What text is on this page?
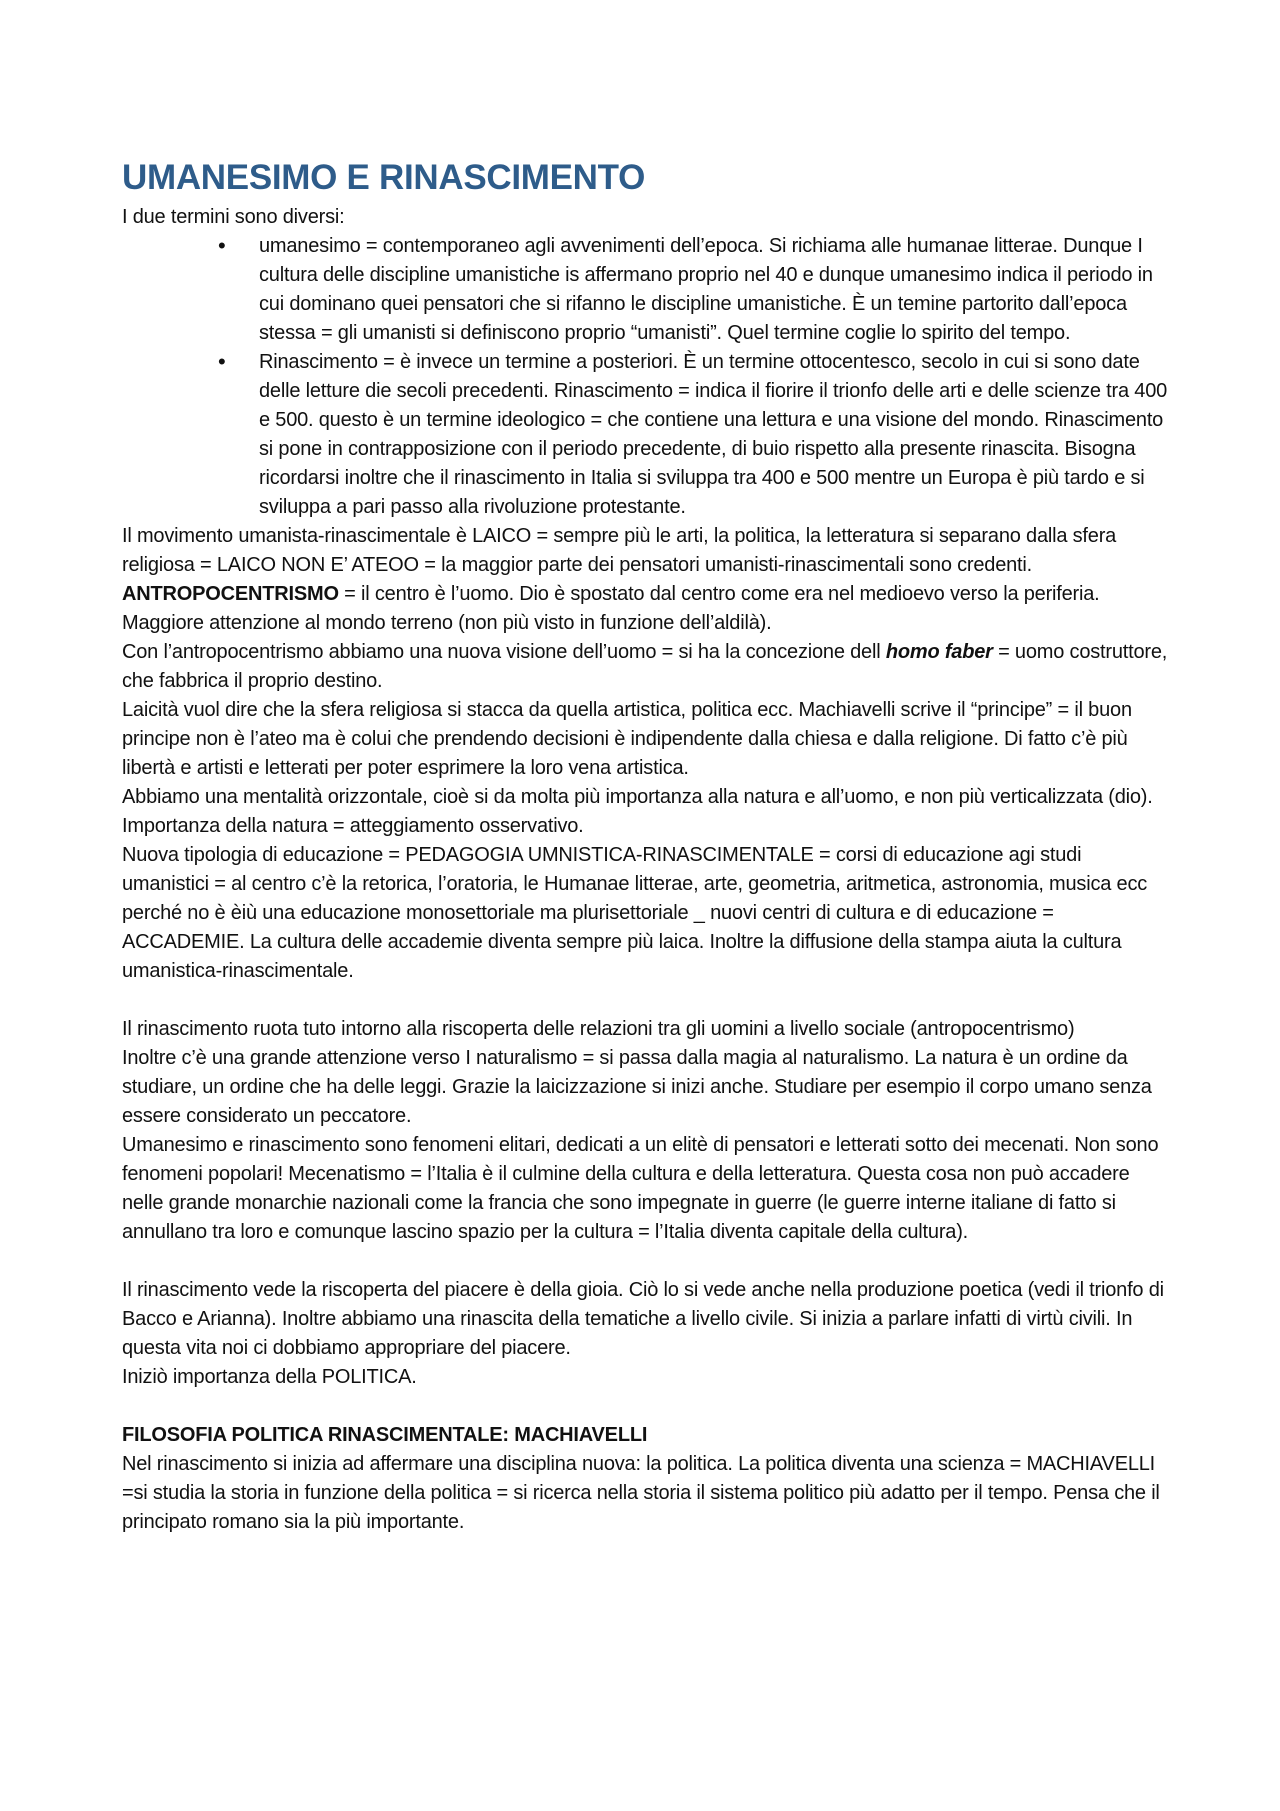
UMANESIMO E RINASCIMENTO

I due termini sono diversi:

• umanesimo = contemporaneo agli avvenimenti dell’epoca. Si richiama alle humanae litterae. Dunque I cultura delle discipline umanistiche is affermano proprio nel 40 e dunque umanesimo indica il periodo in cui dominano quei pensatori che si rifanno le discipline umanistiche. È un temine partorito dall’epoca stessa = gli umanisti si definiscono proprio “umanisti”. Quel termine coglie lo spirito del tempo.
• Rinascimento = è invece un termine a posteriori. È un termine ottocentesco, secolo in cui si sono date delle letture die secoli precedenti. Rinascimento = indica il fiorire il trionfo delle arti e delle scienze tra 400 e 500. questo è un termine ideologico = che contiene una lettura e una visione del mondo. Rinascimento si pone in contrapposizione con il periodo precedente, di buio rispetto alla presente rinascita. Bisogna ricordarsi inoltre che il rinascimento in Italia si sviluppa tra 400 e 500 mentre un Europa è più tardo e si sviluppa a pari passo alla rivoluzione protestante.

Il movimento umanista-rinascimentale è LAICO = sempre più le arti, la politica, la letteratura si separano dalla sfera religiosa = LAICO NON E’ ATEOO = la maggior parte dei pensatori umanisti-rinascimentali sono credenti.

ANTROPOCENTRISMO = il centro è l’uomo. Dio è spostato dal centro come era nel medioevo verso la periferia. Maggiore attenzione al mondo terreno (non più visto in funzione dell’aldilà).

Con l’antropocentrismo abbiamo una nuova visione dell’uomo = si ha la concezione dell homo faber = uomo costruttore, che fabbrica il proprio destino.

Laicità vuol dire che la sfera religiosa si stacca da quella artistica, politica ecc. Machiavelli scrive il “principe” = il buon principe non è l’ateo ma è colui che prendendo decisioni è indipendente dalla chiesa e dalla religione. Di fatto c’è più libertà e artisti e letterati per poter esprimere la loro vena artistica.

Abbiamo una mentalità orizzontale, cioè si da molta più importanza alla natura e all’uomo, e non più verticalizzata (dio). Importanza della natura = atteggiamento osservativo.

Nuova tipologia di educazione = PEDAGOGIA UMNISTICA-RINASCIMENTALE = corsi di educazione agi studi umanistici = al centro c’è la retorica, l’oratoria, le Humanae litterae, arte, geometria, aritmetica, astronomia, musica ecc perché no è èiù una educazione monosettoriale ma plurisettoriale _ nuovi centri di cultura e di educazione = ACCADEMIE. La cultura delle accademie diventa sempre più laica. Inoltre la diffusione della stampa aiuta la cultura umanistica-rinascimentale.

Il rinascimento ruota tuto intorno alla riscoperta delle relazioni tra gli uomini a livello sociale (antropocentrismo)

Inoltre c’è una grande attenzione verso I naturalismo = si passa dalla magia al naturalismo. La natura è un ordine da studiare, un ordine che ha delle leggi. Grazie la laicizzazione si inizi anche. Studiare per esempio il corpo umano senza essere considerato un peccatore.

Umanesimo e rinascimento sono fenomeni elitari, dedicati a un elitè di pensatori e letterati sotto dei mecenati. Non sono fenomeni popolari! Mecenatismo = l’Italia è il culmine della cultura e della letteratura. Questa cosa non può accadere nelle grande monarchie nazionali come la francia che sono impegnate in guerre (le guerre interne italiane di fatto si annullano tra loro e comunque lascino spazio per la cultura = l’Italia diventa capitale della cultura).

Il rinascimento vede la riscoperta del piacere è della gioia. Ciò lo si vede anche nella produzione poetica (vedi il trionfo di Bacco e Arianna). Inoltre abbiamo una rinascita della tematiche a livello civile. Si inizia a parlare infatti di virtù civili. In questa vita noi ci dobbiamo appropriare del piacere.

Iniziò importanza della POLITICA.

FILOSOFIA POLITICA RINASCIMENTALE: MACHIAVELLI

Nel rinascimento si inizia ad affermare una disciplina nuova: la politica. La politica diventa una scienza = MACHIAVELLI =si studia la storia in funzione della politica = si ricerca nella storia il sistema politico più adatto per il tempo. Pensa che il principato romano sia la più importante.
